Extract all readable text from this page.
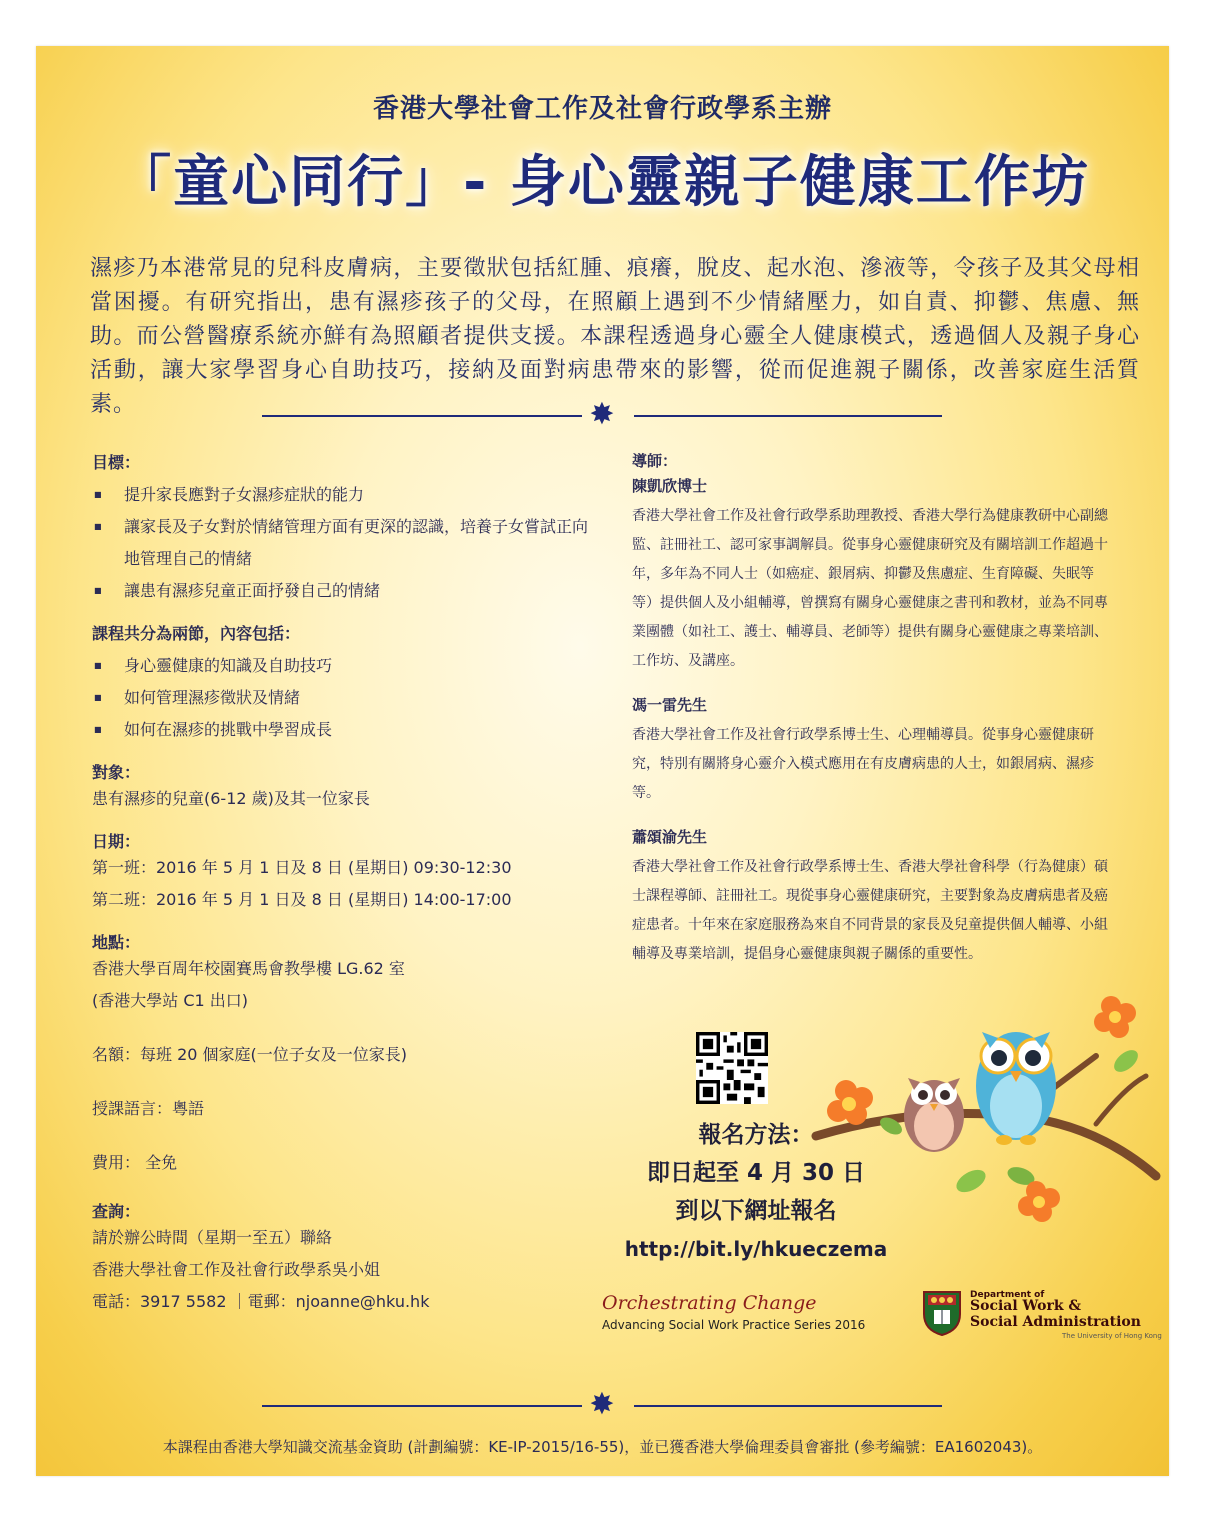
香港大學社會工作及社會行政學系主辦
「童心同行」- 身心靈親子健康工作坊
濕疹乃本港常見的兒科皮膚病，主要徵狀包括紅腫、痕癢，脫皮、起水泡、滲液等，令孩子及其父母相當困擾。有研究指出，患有濕疹孩子的父母，在照顧上遇到不少情緒壓力，如自責、抑鬱、焦慮、無助。而公營醫療系統亦鮮有為照顧者提供支援。本課程透過身心靈全人健康模式，透過個人及親子身心活動，讓大家學習身心自助技巧，接納及面對病患帶來的影響，從而促進親子關係，改善家庭生活質素。	✸

目標：

■ 提升家長應對子女濕疹症狀的能力
■ 讓家長及子女對於情緒管理方面有更深的認識，培養子女嘗試正向地管理自己的情緒
■ 讓患有濕疹兒童正面抒發自己的情緒

課程共分為兩節，內容包括：

■ 身心靈健康的知識及自助技巧
■ 如何管理濕疹徵狀及情緒
■ 如何在濕疹的挑戰中學習成長

對象：

患有濕疹的兒童(6-12 歲)及其一位家長

日期：

第一班：2016 年 5 月 1 日及 8 日 (星期日) 09:30-12:30
第二班：2016 年 5 月 1 日及 8 日 (星期日) 14:00-17:00

地點：

香港大學百周年校園賽馬會教學樓 LG.62 室
(香港大學站 C1 出口)
名額：每班 20 個家庭(一位子女及一位家長)
授課語言：粵語
費用： 全免

查詢：

請於辦公時間（星期一至五）聯絡
香港大學社會工作及社會行政學系吳小姐
電話：3917 5582 ｜電郵：njoanne@hku.hk

導師：

陳凱欣博士

香港大學社會工作及社會行政學系助理教授、香港大學行為健康教研中心副總監、註冊社工、認可家事調解員。從事身心靈健康研究及有關培訓工作超過十年，多年為不同人士（如癌症、銀屑病、抑鬱及焦慮症、生育障礙、失眠等等）提供個人及小組輔導，曾撰寫有關身心靈健康之書刊和教材，並為不同專業團體（如社工、護士、輔導員、老師等）提供有關身心靈健康之專業培訓、工作坊、及講座。

馮一雷先生

香港大學社會工作及社會行政學系博士生、心理輔導員。從事身心靈健康研究，特別有關將身心靈介入模式應用在有皮膚病患的人士，如銀屑病、濕疹等。

蕭頌渝先生

香港大學社會工作及社會行政學系博士生、香港大學社會科學（行為健康）碩士課程導師、註冊社工。現從事身心靈健康研究，主要對象為皮膚病患者及癌症患者。十年來在家庭服務為來自不同背景的家長及兒童提供個人輔導、小組輔導及專業培訓，提倡身心靈健康與親子關係的重要性。

報名方法：
即日起至 4 月 30 日
到以下網址報名
http://bit.ly/hkueczema
Orchestrating Change
Advancing Social Work Practice Series 2016
Department of
Social Work &
Social Administration
The University of Hong Kong
✸
本課程由香港大學知識交流基金資助 (計劃編號：KE-IP-2015/16-55)，並已獲香港大學倫理委員會審批 (參考編號：EA1602043)。
